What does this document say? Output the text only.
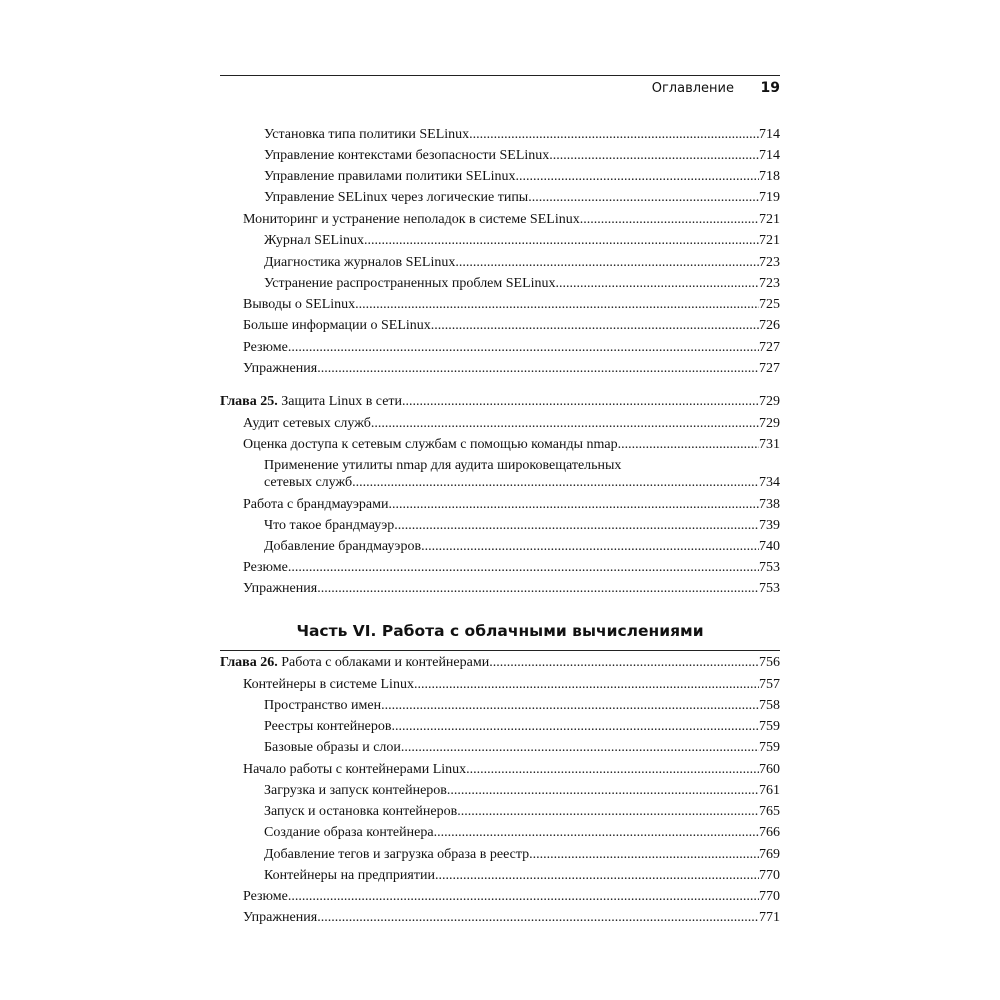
Оглавление	19
Установка типа политики SELinux .....	714
Управление контекстами безопасности SELinux .....	714
Управление правилами политики SELinux .....	718
Управление SELinux через логические типы .....	719
Мониторинг и устранение неполадок в системе SELinux .....	721
Журнал SELinux .....	721
Диагностика журналов SELinux .....	723
Устранение распространенных проблем SELinux .....	723
Выводы о SELinux .....	725
Больше информации о SELinux .....	726
Резюме .....	727
Упражнения .....	727
Глава 25. Защита Linux в сети .....	729
Аудит сетевых служб .....	729
Оценка доступа к сетевым службам с помощью команды nmap .....	731
Применение утилиты nmap для аудита широковещательных
сетевых служб .....	734
Работа с брандмауэрами .....	738
Что такое брандмауэр .....	739
Добавление брандмауэров .....	740
Резюме .....	753
Упражнения .....	753
Часть VI. Работа с облачными вычислениями
Глава 26. Работа с облаками и контейнерами .....	756
Контейнеры в системе Linux .....	757
Пространство имен .....	758
Реестры контейнеров .....	759
Базовые образы и слои .....	759
Начало работы с контейнерами Linux .....	760
Загрузка и запуск контейнеров .....	761
Запуск и остановка контейнеров .....	765
Создание образа контейнера .....	766
Добавление тегов и загрузка образа в реестр .....	769
Контейнеры на предприятии .....	770
Резюме .....	770
Упражнения .....	771
